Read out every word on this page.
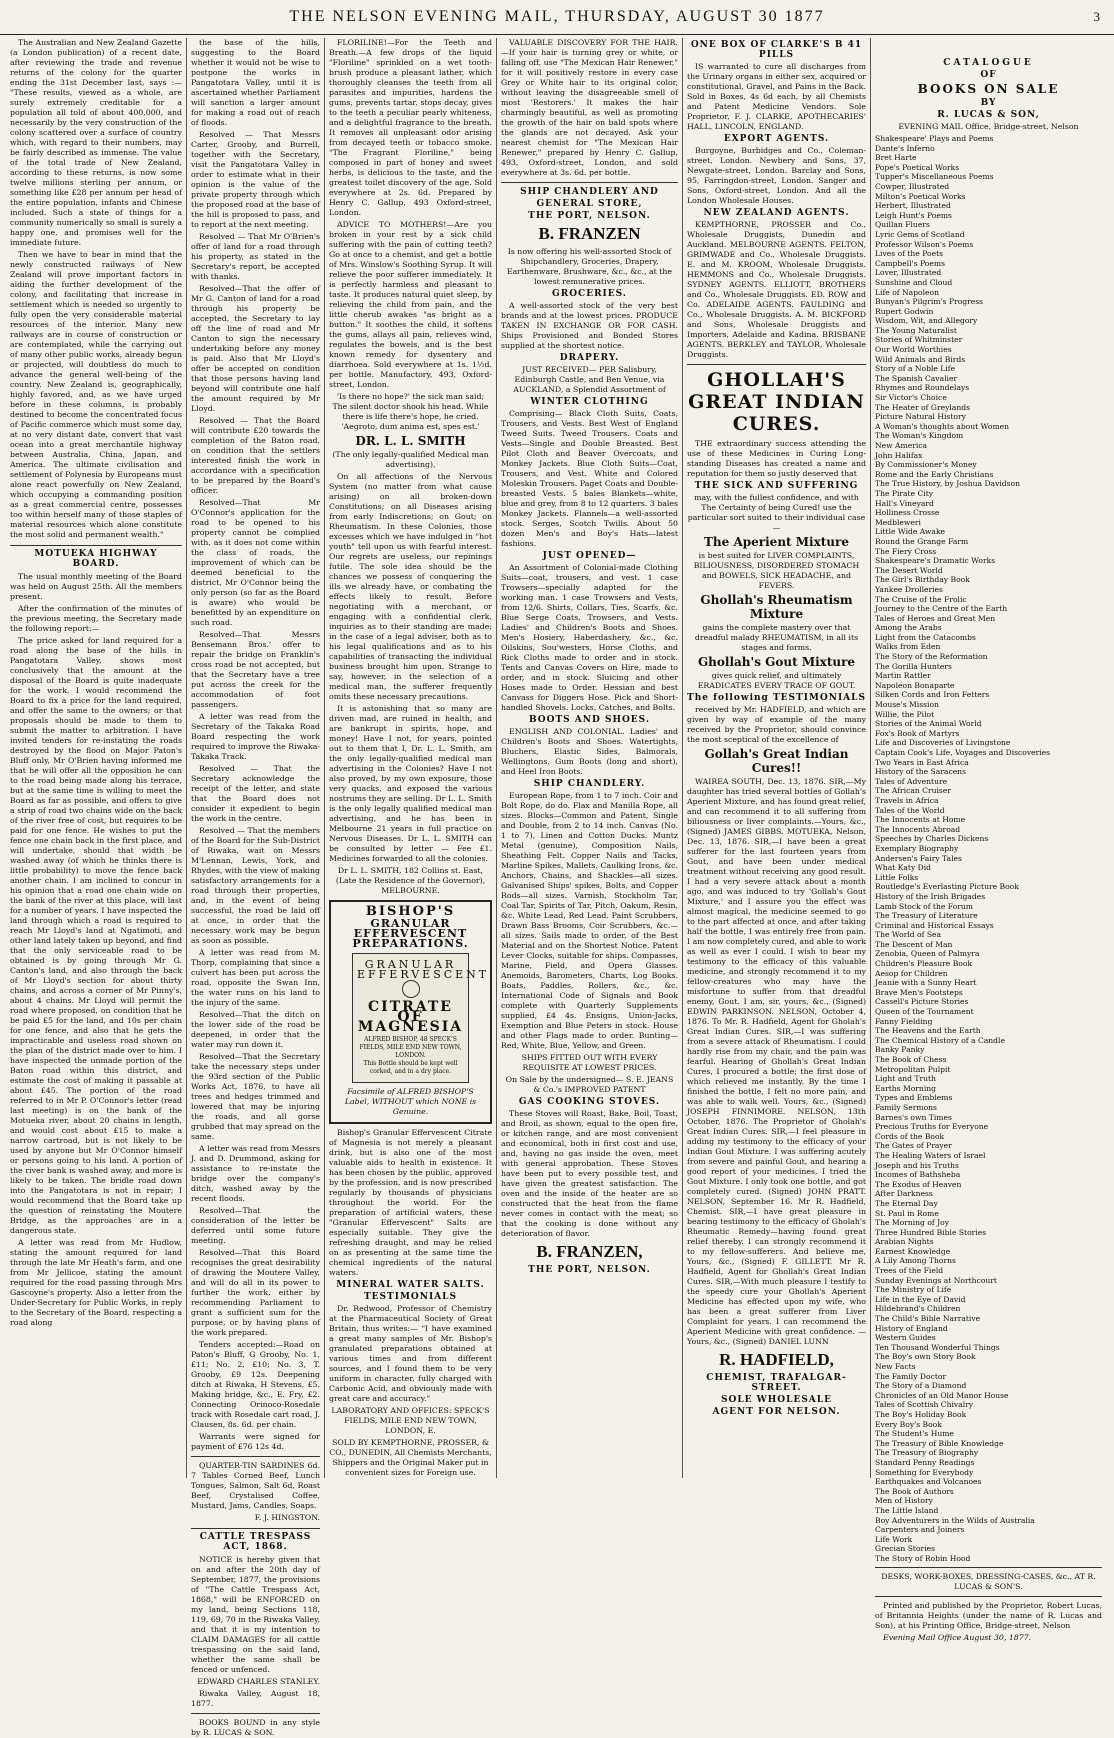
THE NELSON EVENING MAIL, THURSDAY, AUGUST 30 1877	3

The Australian and New Zealand Gazette (a London publication) of a recent date, after reviewing the trade and revenue returns of the colony for the quarter ending the 31st December last, says :— "These results, viewed as a whole, are surely extremely creditable for a population all told of about 400,000, and necessarily by the very construction of the colony scattered over a surface of country which, with regard to their numbers, may be fairly described as immense. The value of the total trade of New Zealand, according to these returns, is now some twelve millions sterling per annum, or something like £28 per annum per head of the entire population, infants and Chinese included. Such a state of things for a community numerically so small is surely a happy one, and promises well for the immediate future.

Then we have to bear in mind that the newly constructed railways of New Zealand will prove important factors in aiding the further development of the colony, and facilitating that increase in settlement which is needed so urgently to fully open the very considerable material resources of the interior. Many new railways are in course of construction or are contemplated, while the carrying out of many other public works, already begun or projected, will doubtless do much to advance the general well-being of the country. New Zealand is, geographically, highly favored, and, as we have urged before in these columns, is probably destined to become the concentrated focus of Pacific commerce which must some day, at no very distant date, convert that vast ocean into a great merchantile highway between Australia, China, Japan, and America. The ultimate civilisation and settlement of Polynesia by Europeans must alone react powerfully on New Zealand, which occupying a commanding position as a great commercial centre, possesses too within herself many of those staples of material resources which alone constitute the most solid and permanent wealth."

MOTUEKA HIGHWAY BOARD.

The usual monthly meeting of the Board was held on August 25th. All the members present.

After the confirmation of the minutes of the previous meeting, the Secretary made the following report:—

The price asked for land required for a road along the base of the hills in Pangatotara Valley, shows most conclusively that the amount at the disposal of the Board is quite inadequate for the work. I would recommend the Board to fix a price for the land required, and offer the same to the owners; or that proposals should be made to them to submit the matter to arbitration. I have invited tenders for re-instating the roads destroyed by the flood on Major Paton's Bluff only, Mr O'Brien having informed me that he will offer all the opposition he can to the road being made along his terrace, but at the same time is willing to meet the Board as far as possible, and offers to give a strip of road two chains wide on the back of the river free of cost, but requires to be paid for one fence. He wishes to put the fence one chain back in the first place, and will undertake, should that width be washed away (of which he thinks there is little probability) to move the fence back another chain. I am inclined to concur in his opinion that a road one chain wide on the bank of the river at this place, will last for a number of years. I have inspected the land through which a road is required to reach Mr Lloyd's land at Ngatimoti, and other land lately taken up beyond, and find that the only serviceable road to be obtained is by going through Mr G. Canton's land, and also through the back of Mr Lloyd's section for about thirty chains, and across a corner of Mr Pinny's, about 4 chains. Mr Lloyd will permit the road where proposed, on condition that he be paid £5 for the land, and 10s per chain for one fence, and also that he gets the impracticable and useless road shown on the plan of the district made over to him. I have inspected the unmade portion of the Baton road within this district, and estimate the cost of making it passable at about £45. The portion of the road referred to in Mr P. O'Connor's letter (read last meeting) is on the bank of the Motueka river, about 20 chains in length, and would cost about £15 to make a narrow cartroad, but is not likely to be used by anyone but Mr O'Connor himself or persons going to his land. A portion of the river bank is washed away, and more is likely to be taken. The bridle road down into the Pangatotara is not in repair; I would recommend that the Board take up the question of reinstating the Moutere Bridge, as the approaches are in a dangerous state.

A letter was read from Mr Hudlow, stating the amount required for land through the late Mr Heath's farm, and one from Mr Jellicoe, stating the amount required for the road passing through Mrs Gascoyne's property. Also a letter from the Under-Secretary for Public Works, in reply to the Secretary of the Board, respecting a road along

the base of the hills, suggesting to the Board whether it would not be wise to postpone the works in Pangatotara Valley, until it is ascertained whether Parliament will sanction a larger amount for making a road out of reach of floods.

Resolved — That Messrs Carter, Grooby, and Burrell, together with the Secretary, visit the Pangatotara Valley in order to estimate what in their opinion is the value of the private property through which the proposed road at the base of the hill is proposed to pass, and to report at the next meeting.

Resolved — That Mr O'Brien's offer of land for a road through his property, as stated in the Secretary's report, be accepted with thanks.

Resolved—That the offer of Mr G. Canton of land for a road through his property be accepted, the Secretary to lay off the line of road and Mr Canton to sign the necessary undertaking before any money is paid. Also that Mr Lloyd's offer be accepted on condition that those persons having land beyond will contribute one half the amount required by Mr Lloyd.

Resolved — That the Board will contribute £20 towards the completion of the Baton road, on condition that the settlers interested finish the work in accordance with a specification to be prepared by the Board's officer.

Resolved—That Mr O'Connor's application for the road to be opened to his property cannot be complied with, as it does not come within the class of roads, the improvement of which can be deemed beneficial to the district, Mr O'Connor being the only person (so far as the Board is aware) who would be benefitted by an expenditure on such road.

Resolved—That Messrs Bensemann Bros.' offer to repair the bridge on Franklin's cross road be not accepted, but that the Secretary have a tree put across the creek for the accommodation of foot passengers.

A letter was read from the Secretary of the Takaka Road Board respecting the work required to improve the Riwaka-Takaka Track.

Resolved — That the Secretary acknowledge the receipt of the letter, and state that the Board does not consider it expedient to begin the work in the centre.

Resolved — That the members of the Board for the Sub-District of Riwaka, wait on Messrs M'Lennan, Lewis, York, and Rhydes, with the view of making satisfactory arrangements for a road through their properties, and, in the event of being successful, the road be laid off at once, in order that the necessary work may be begun as soon as possible.

A letter was read from M. Thorp, complaining that since a culvert has been put across the road, opposite the Swan Inn, the water runs on his land to the injury of the same.

Resolved—That the ditch on the lower side of the road be deepened, in order that the water may run down it.

Resolved—That the Secretary take the necessary steps under the 93rd section of the Public Works Act, 1876, to have all trees and hedges trimmed and lowered that may be injuring the roads, and all gorse grubbed that may spread on the same.

A letter was read from Messrs J. and D. Drummond, asking for assistance to re-instate the bridge over the company's ditch, washed away by the recent floods.

Resolved—That the consideration of the letter be deferred until some future meeting.

Resolved—That this Board recognises the great desirability of drawing the Moutere Valley, and will do all in its power to further the work, either by recommending Parliament to grant a sufficient sum for the purpose, or by having plans of the work prepared.

Tenders accepted:—Road on Paton's Bluff, G Grooby, No. 1, £11; No. 2, £10; No. 3, T. Grooby, £9 12s. Deepening ditch at Riwaka, H Stevens, £5. Making bridge, &c., E. Fry, £2. Connecting Orinoco-Rosedale track with Rosedale cart road, J. Clausen, 8s. 6d. per chain.

Warrants were signed for payment of £76 12s 4d.

QUARTER-TIN SARDINES 6d. 7 Tables Corned Beef, Lunch Tongues, Salmon, Salt 6d, Roast Beef, Crystalised Coffee, Mustard, Jams, Candles, Soaps.

F. J. HINGSTON.

CATTLE TRESPASS ACT, 1868.

NOTICE is hereby given that on and after the 20th day of September, 1877, the provisions of "The Cattle Trespass Act, 1868," will be ENFORCED on my land, being Sections 118, 119, 69, 70 in the Riwaka Valley, and that it is my intention to CLAIM DAMAGES for all cattle trespassing on the said land, whether the same shall be fenced or unfenced.

EDWARD CHARLES STANLEY.

Riwaka Valley, August 18, 1877.

BOOKS BOUND in any style by R. LUCAS & SON.

FLORILINE!—For the Teeth and Breath.—A few drops of the liquid "Floriline" sprinkled on a wet tooth-brush produce a pleasant lather, which thoroughly cleanses the teeth from all parasites and impurities, hardens the gums, prevents tartar, stops decay, gives to the teeth a peculiar pearly whiteness, and a delightful fragrance to the breath. It removes all unpleasant odor arising from decayed teeth or tobacco smoke. "The Fragrant Floriline," being composed in part of honey and sweet herbs, is delicious to the taste, and the greatest toilet discovery of the age. Sold everywhere at 2s. 6d. Prepared by Henry C. Gallup, 493 Oxford-street, London.

ADVICE TO MOTHERS!—Are you broken in your rest by a sick child suffering with the pain of cutting teeth? Go at once to a chemist, and get a bottle of Mrs. Winslow's Soothing Syrup. It will relieve the poor sufferer immediately. It is perfectly harmless and pleasant to taste. It produces natural quiet sleep, by relieving the child from pain, and the little cherub awakes "as bright as a button." It soothes the child, it softens the gums, allays all pain, relieves wind, regulates the bowels, and is the best known remedy for dysentery and diarrhoea. Sold everywhere at 1s. 1½d. per bottle. Manufactory, 493, Oxford-street, London.

'Is there no hope?' the sick man said; The silent doctor shook his head. While there is life there's hope, he cried. 'Aegroto, dum anima est, spes est.'

DR. L. L. SMITH

(The only legally-qualified Medical man advertising),

On all affections of the Nervous System (no matter from what cause arising) on all broken-down Constitutions; on all Diseases arising from early Indiscretions; on Gout; on Rheumatism. In these Colonies, those excesses which we have indulged in "hot youth" tell upon us with fearful interest. Our regrets are useless, our repinings futile. The sole idea should be the chances we possess of conquering the ills we already have, or combating the effects likely to result. Before negotiating with a merchant, or engaging with a confidential clerk, inquiries as to their standing are made; in the case of a legal adviser, both as to his legal qualifications and as to his capabilities of transacting the individual business brought him upon. Strange to say, however, in the selection of a medical man, the sufferer frequently omits these necessary precautions.

It is astonishing that so many are driven mad, are ruined in health, and are bankrupt in spirits, hope, and money! Have I not, for years, pointed out to them that I, Dr. L. L. Smith, am the only legally-qualified medical man advertising in the Colonies? Have I not also proved, by my own exposure, those very quacks, and exposed the various nostrums they are selling. Dr L. L. Smith is the only legally qualified medical man advertising, and he has been in Melbourne 21 years in full practice on Nervous Diseases. Dr L. L. SMITH can be consulted by letter — Fee £1. Medicines forwarded to all the colonies.

Dr L. L. SMITH, 182 Collins st. East, (Late the Residence of the Governor), MELBOURNE.

BISHOP'S
GRANULAR EFFERVESCENT PREPARATIONS.
GRANULAR
EFFERVESCENT
CITRATE OF MAGNESIA
ALFRED BISHOP, 48 SPECK'S FIELDS, MILE END NEW TOWN, LONDON.
This Bottle should be kept well corked, and in a dry place.

Facsimile of ALFRED BISHOP'S Label, WITHOUT which NONE is Genuine.

Bishop's Granular Effervescent Citrate of Magnesia is not merely a pleasant drink, but is also one of the most valuable aids to health in existence. It has been chosen by the public, approved by the profession, and is now prescribed regularly by thousands of physicians throughout the world. For the preparation of artificial waters, these "Granular Effervescent" Salts are especially suitable. They give the refreshing draught, and may be relied on as presenting at the same time the chemical ingredients of the natural waters.

MINERAL WATER SALTS.
TESTIMONIALS

Dr. Redwood, Professor of Chemistry at the Pharmaceutical Society of Great Britain, thus writes:— "I have examined a great many samples of Mr. Bishop's granulated preparations obtained at various times and from different sources, and I found them to be very uniform in character, fully charged with Carbonic Acid, and obviously made with great care and accuracy."

LABORATORY AND OFFICES: SPECK'S FIELDS, MILE END NEW TOWN, LONDON, E.

SOLD BY KEMPTHORNE, PROSSER, & CO., DUNEDIN, All Chemists Merchants, Shippers and the Original Maker put in convenient sizes for Foreign use.

VALUABLE DISCOVERY FOR THE HAIR.—If your hair is turning grey or white, or falling off, use "The Mexican Hair Renewer," for it will positively restore in every case Grey or White hair to its original color, without leaving the disagreeable smell of most 'Restorers.' It makes the hair charmingly beautiful, as well as promoting the growth of the hair on bald spots where the glands are not decayed. Ask your nearest chemist for "The Mexican Hair Renewer," prepared by Henry C. Gallup, 493, Oxford-street, London, and sold everywhere at 3s. 6d. per bottle.

SHIP CHANDLERY AND
GENERAL STORE,
THE PORT, NELSON.
B. FRANZEN

Is now offering his well-assorted Stock of Shipchandlery, Groceries, Drapery, Earthenware, Brushware, &c., &c., at the lowest remunerative prices.

GROCERIES.

A well-assorted stock of the very best brands and at the lowest prices. PRODUCE TAKEN IN EXCHANGE OR FOR CASH. Ships Provisioned and Bonded Stores supplied at the shortest notice.

DRAPERY.

JUST RECEIVED— PER Salisbury, Edinburgh Castle, and Ben Venue, via AUCKLAND, a Splendid Assortment of

WINTER CLOTHING

Comprising— Black Cloth Suits, Coats, Trousers, and Vests. Best West of England Tweed Suits. Tweed Trousers. Coats and Vests—Single and Double Breasted. Best Pilot Cloth and Beaver Overcoats, and Monkey Jackets. Blue Cloth Suits—Coat, Trousers, and Vest. White and Colored Moleskin Trousers. Paget Coats and Double-breasted Vests. 5 bales Blankets—white, blue and grey, from 8 to 12 quarters. 3 bales Monkey Jackets. Flannels—a well-assorted stock. Serges, Scotch Twills. About 50 dozen Men's and Boy's Hats—latest fashions.

JUST OPENED—

An Assortment of Colonial-made Clothing Suits—coat, trousers, and vest. 1 case Trowsers—specially adapted for the working man. 1 case Trowsers and Vests, from 12/6. Shirts, Collars, Ties, Scarfs, &c. Blue Serge Coats, Trowsers, and Vests. Ladies' and Children's Boots and Shoes. Men's Hosiery, Haberdashery, &c., &c. Oilskins, Sou'westers, Horse Cloths, and Rick Cloths made to order and in stock. Tents and Canvas Covers on Hire, made to order, and in stock. Sluicing and other Hoses made to Order. Hessian and best Canvass for Diggers Hose. Pick and Short-handled Shovels. Locks, Catches, and Bolts.

BOOTS AND SHOES.

ENGLISH AND COLONIAL. Ladies' and Children's Boots and Shoes. Watertights, Bluchers, Elastic Sides, Balmorals, Wellingtons, Gum Boots (long and short), and Heel Iron Boots.

SHIP CHANDLERY.

European Rope, from 1 to 7 inch. Coir and Bolt Rope, do do. Flax and Manilla Rope, all sizes. Blocks—Common and Patent, Single and Double, from 2 to 14 inch. Canvas (No. 1 to 7), Linen and Cotton Ducks. Muntz Metal (genuine), Composition Nails, Sheathing Felt. Copper Nails and Tacks, Marline Spikes, Mallets, Caulking Irons, &c. Anchors, Chains, and Shackles—all sizes. Galvanised Ships' spikes, Bolts, and Copper Rods—all sizes. Varnish, Stockholm Tar, Coal Tar, Spirits of Tar, Pitch, Oakum, Resin, &c. White Lead, Red Lead. Paint Scrubbers, Drawn Bass Brooms, Coir Scrubbers, &c.—all sizes. Sails made to order, of the Best Material and on the Shortest Notice. Patent Lever Clocks, suitable for ships. Compasses, Marine, Field, and Opera Glasses. Anemoids, Barometers, Charts, Log Books. Boats, Paddles, Rollers, &c., &c. International Code of Signals and Book complete with Quarterly Supplements supplied, £4 4s. Ensigns, Union-Jacks, Exemption and Blue Peters in stock. House and other Flags made to order. Bunting—Red, White, Blue, Yellow, and Green.

SHIPS FITTED OUT WITH EVERY REQUISITE AT LOWEST PRICES.

On Sale by the undersigned— S. E. JEANS & Co.'s IMPROVED PATENT

GAS COOKING STOVES.

These Stoves will Roast, Bake, Boil, Toast, and Broil, as shown, equal to the open fire, or kitchen range, and are most convenient and economical, both in first cost and use, and, having no gas inside the oven, meet with general approbation. These Stoves have been put to every possible test, and have given the greatest satisfaction. The oven and the inside of the heater are so constructed that the heat from the flame never comes in contact with the meat; so that the cooking is done without any deterioration of flavor.

B. FRANZEN,
THE PORT, NELSON.
ONE BOX OF CLARKE'S B 41 PILLS

IS warranted to cure all discharges from the Urinary organs in either sex, acquired or constitutional, Gravel, and Pains in the Back. Sold in Boxes, 4s 6d each, by all Chemists and Patent Medicine Vendors. Sole Proprietor, F. J. CLARKE, APOTHECARIES' HALL, LINCOLN, ENGLAND.

EXPORT AGENTS.

Burgoyne, Burbidges and Co., Coleman-street, London. Newbery and Sons, 37, Newgate-street, London. Barclay and Sons, 95, Farringdon-street, London. Sanger and Sons, Oxford-street, London. And all the London Wholesale Houses.

NEW ZEALAND AGENTS.

KEMPTHORNE, PROSSER and Co., Wholesale Druggists, Dunedin and Auckland. MELBOURNE AGENTS. FELTON, GRIMWADE and Co., Wholesale Druggists. E. and M. KROOM, Wholesale Druggists. HEMMONS and Co., Wholesale Druggists. SYDNEY AGENTS. ELLIOTT, BROTHERS and Co., Wholesale Druggists. ED. ROW and Co. ADELAIDE AGENTS. FAULDING and Co., Wholesale Druggists. A. M. BICKFORD and Sons, Wholesale Druggists and Importers, Adelaide and Kadina. BRISBANE AGENTS. BERKLEY and TAYLOR, Wholesale Druggists.

GHOLLAH'S GREAT INDIAN CURES.

THE extraordinary success attending the use of these Medicines in Curing Long-standing Diseases has created a name and reputation for them so justly deserved that

THE SICK AND SUFFERING

may, with the fullest confidence, and with The Certainty of being Cured! use the particular sort suited to their individual case—

The Aperient Mixture

is best suited for LIVER COMPLAINTS, BILIOUSNESS, DISORDERED STOMACH and BOWELS, SICK HEADACHE, and FEVERS.

Ghollah's Rheumatism Mixture

gains the complete mastery over that dreadful malady RHEUMATISM, in all its stages and forms.

Ghollah's Gout Mixture

gives quick relief, and ultimately ERADICATES EVERY TRACE OF GOUT.

The following TESTIMONIALS

received by Mr. HADFIELD, and which are given by way of example of the many received by the Proprietor, should convince the most sceptical of the excellence of

Gollah's Great Indian Cures!!

WAIREA SOUTH, Dec. 13, 1876. SIR,—My daughter has tried several bottles of Gollah's Aperient Mixture, and has found great relief, and can recommend it to all suffering from biliousness or liver complaints.—Yours, &c., (Signed) JAMES GIBBS. MOTUEKA, Nelson, Dec. 13, 1876. SIR,—I have been a great sufferer for the last fourteen years from Gout, and have been under medical treatment without receiving any good result. I had a very severe attack about a month ago, and was induced to try 'Gollah's Gout Mixture,' and I assure you the effect was almost magical, the medicine seemed to go to the part affected at once, and after taking half the bottle, I was entirely free from pain. I am now completely cured, and able to work as well as ever I could. I wish to bear my testimony to the efficacy of this valuable medicine, and strongly recommend it to my fellow-creatures who may have the misfortune to suffer from that dreadful enemy, Gout. I am, sir, yours, &c., (Signed) EDWIN PARKINSON. NELSON, October 4, 1876. To Mr. R. Hadfield, Agent for Gholah's Great Indian Cures. SIR,—I was suffering from a severe attack of Rheumatism. I could hardly rise from my chair, and the pain was fearful. Hearing of Ghollah's Great Indian Cures, I procured a bottle; the first dose of which relieved me instantly. By the time I finished the bottle, I felt no more pain, and was able to walk well. Yours, &c., (Signed) JOSEPH FINNIMORE. NELSON, 13th October, 1876. The Proprietor of Gholah's Great Indian Cures. SIR,—I feel pleasure in adding my testimony to the efficacy of your Indian Gout Mixture. I was suffering acutely from severe and painful Gout, and hearing a good report of your medicines, I tried the Gout Mixture. I only took one bottle, and got completely cured. (Signed) JOHN PRATT. NELSON, September 16. Mr R. Hadfield, Chemist. SIR,—I have great pleasure in bearing testimony to the efficacy of Gholah's Rheumatic Remedy—having found great relief thereby. I can strongly recommend it to my fellow-sufferers. And believe me, Yours, &c., (Signed) F. GILLETT. Mr R. Hadfield, Agent for Ghollah's Great Indian Cures. SIR,—With much pleasure I testify to the speedy cure your Ghollah's Aperient Medicine has effected upon my wife, who has been a great sufferer from Liver Complaint for years. I can recommend the Aperient Medicine with great confidence. —Yours, &c., (Signed) DANIEL LUNN

R. HADFIELD,
CHEMIST, TRAFALGAR-STREET.
SOLE WHOLESALE
AGENT FOR NELSON.
CATALOGUE
OF
BOOKS ON SALE
BY
R. LUCAS & SON,

EVENING MAIL Office, Bridge-street, Nelson

Shakespeare' Plays and Poems
Dante's Inferno
Bret Harte
Pope's Poetical Works
Tupper's Miscellaneous Poems
Cowper, Illustrated
Milton's Poetical Works
Herbert, Illustrated
Leigh Hunt's Poems
Quillan Fluers
Lyric Gems of Scotland
Professor Wilson's Poems
Lives of the Poets
Campbell's Poems
Lover, Illustrated
Sunshine and Cloud
Life of Napoleon
Bunyan's Pilgrim's Progress
Rupert Godwin
Wisdom, Wit, and Allegory
The Young Naturalist
Stories of Whitminster
Our World Worthies
Wild Animals and Birds
Story of a Noble Life
The Spanish Cavalier
Rhymes and Roundelays
Sir Victor's Choice
The Heater of Greylands
Picture Natural History
A Woman's thoughts about Women
The Woman's Kingdom
New America
John Halifax
By Commissioner's Money
Rome and the Early Christians
The True History, by Joshua Davidson
The Pirate City
Hall's Vineyard
Holliness Crosse
Medbleweri
Little Wide Awake
Round the Grange Farm
The Fiery Cross
Shakespeare's Dramatic Works
The Desert World
The Girl's Birthday Book
Yankee Drolleries
The Cruise of the Frolic
Journey to the Centre of the Earth
Tales of Heroes and Great Men
Among the Arabs
Light from the Catacombs
Walks from Eden
The Story of the Reformation
The Gorilla Hunters
Martin Rattler
Napoleon Bonaparte
Silken Cords and Iron Fetters
Mouse's Mission
Willie, the Pilot
Stories of the Animal World
Fox's Book of Martyrs
Life and Discoveries of Livingstone
Captain Cook's Life, Voyages and Discoveries
Two Years in East Africa
History of the Saracens
Tales of Adventure
The African Cruiser
Travels in Africa
Tales of the World
The Innocents at Home
The Innocents Abroad
Speeches by Charles Dickens
Exemplary Biography
Andersen's Fairy Tales
What Katy Did
Little Folks
Routledge's Everlasting Picture Book
History of the Irish Brigades
Lamb Stock of the Forum
The Treasury of Literature
Criminal and Historical Essays
The World of Sea
The Descent of Man
Zenobia, Queen of Palmyra
Children's Pleasure Book
Aesop for Children
Jeanie with a Sunny Heart
Brave Men's Footsteps
Cassell's Picture Stories
Queen of the Tournament
Fanny Fielding
The Heavens and the Earth
The Chemical History of a Candle
Banky Panky
The Book of Chess
Metropolitan Pulpit
Light and Truth
Earths Morning
Types and Emblems
Family Sermons
Barnes's own Times
Precious Truths for Everyone
Cords of the Book
The Gates of Prayer
The Healing Waters of Israel
Joseph and his Truths
Incomes of Bathsheba
The Exodus of Heaven
After Darkness
The Eternal Day
St. Paul in Rome
The Morning of Joy
Three Hundred Bible Stories
Arabian Nights
Earnest Knowledge
A Lily Among Thorns
Trees of the Field
Sunday Evenings at Northcourt
The Ministry of Life
Life in the Eye of David
Hildebrand's Children
The Child's Bible Narrative
History of England
Western Guides
Ten Thousand Wonderful Things
The Boy's own Story Book
New Facts
The Family Doctor
The Story of a Diamond
Chronicles of an Old Manor House
Tales of Scottish Chivalry
The Boy's Holiday Book
Every Boy's Book
The Student's Hume
The Treasury of Bible Knowledge
The Treasury of Biography
Standard Penny Readings
Something for Everybody
Earthquakes and Volcanoes
The Book of Authors
Men of History
The Little Island
Boy Adventurers in the Wilds of Australia
Carpenters and Joiners
Life Work
Grecian Stories
The Story of Robin Hood

DESKS, WORK-BOXES, DRESSING-CASES, &c., AT R. LUCAS & SON'S.

Printed and published by the Proprietor, Robert Lucas, of Britannia Heights (under the name of R. Lucas and Son), at his Printing Office, Bridge-street, Nelson

Evening Mail Office August 30, 1877.
